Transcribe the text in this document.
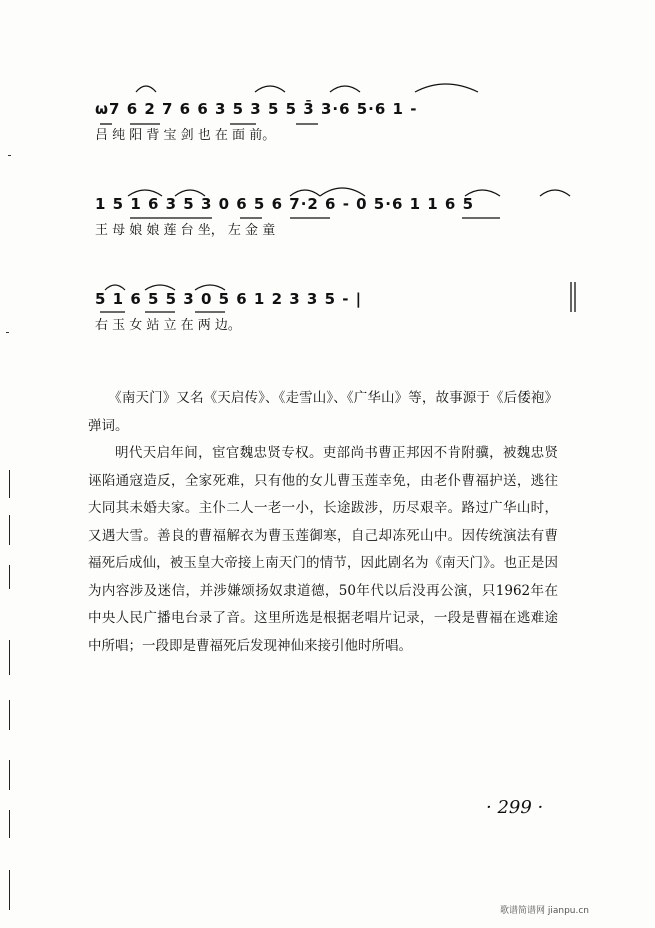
ω7 6 2 7 6 6 3 5 3 5 5 3̄ 3·6 5·6 1 -
吕 纯 阳 背 宝 剑 也 在 面 前。
1 5 1 6 3 5 3 0 6 5 6 7·2 6 - 0 5·6 1 1 6 5
王 母 娘 娘 莲 台 坐， 左 金 童
5 1 6 5 5 3 0 5 6 1 2 3 3 5 - |
右 玉 女 站 立 在 两 边。

《南天门》又名《天启传》、《走雪山》、《广华山》等，故事源于《后倭袍》弹词。

明代天启年间，宦官魏忠贤专权。吏部尚书曹正邦因不肯附骥，被魏忠贤诬陷通寇造反，全家死难，只有他的女儿曹玉莲幸免，由老仆曹福护送，逃往大同其未婚夫家。主仆二人一老一小，长途跋涉，历尽艰辛。路过广华山时，又遇大雪。善良的曹福解衣为曹玉莲御寒，自己却冻死山中。因传统演法有曹福死后成仙，被玉皇大帝接上南天门的情节，因此剧名为《南天门》。也正是因为内容涉及迷信，并涉嫌颂扬奴隶道德，50年代以后没再公演，只1962年在中央人民广播电台录了音。这里所选是根据老唱片记录，一段是曹福在逃难途中所唱；一段即是曹福死后发现神仙来接引他时所唱。

· 299 ·
歌谱简谱网 jianpu.cn
